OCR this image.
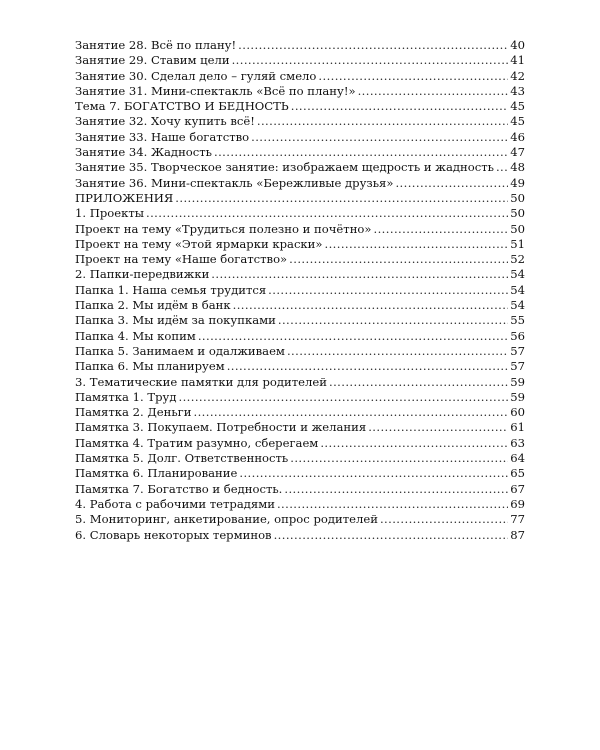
Занятие 28. Всё по плану! .....	40
Занятие 29. Ставим цели .....	41
Занятие 30. Сделал дело – гуляй смело .....	42
Занятие 31. Мини-спектакль «Всё по плану!» .....	43
Тема 7. БОГАТСТВО И БЕДНОСТЬ .....	45
Занятие 32. Хочу купить всё! .....	45
Занятие 33. Наше богатство .....	46
Занятие 34. Жадность .....	47
Занятие 35. Творческое занятие: изображаем щедрость и жадность ..... 48
Занятие 36. Мини-спектакль «Бережливые друзья» .....	49
ПРИЛОЖЕНИЯ .....	50
1. Проекты .....	50
Проект на тему «Трудиться полезно и почётно» .....	50
Проект на тему «Этой ярмарки краски» .....	51
Проект на тему «Наше богатство» .....	52
2. Папки-передвижки .....	54
Папка 1. Наша семья трудится .....	54
Папка 2. Мы идём в банк .....	54
Папка 3. Мы идём за покупками .....	55
Папка 4. Мы копим .....	56
Папка 5. Занимаем и одалживаем .....	57
Папка 6. Мы планируем .....	57
3. Тематические памятки для родителей .....	59
Памятка 1. Труд .....	59
Памятка 2. Деньги .....	60
Памятка 3. Покупаем. Потребности и желания .....	61
Памятка 4. Тратим разумно, сберегаем .....	63
Памятка 5. Долг. Ответственность .....	64
Памятка 6. Планирование .....	65
Памятка 7. Богатство и бедность. .....	67
4. Работа с рабочими тетрадями .....	69
5. Мониторинг, анкетирование, опрос родителей .....	77
6. Словарь некоторых терминов .....	87
